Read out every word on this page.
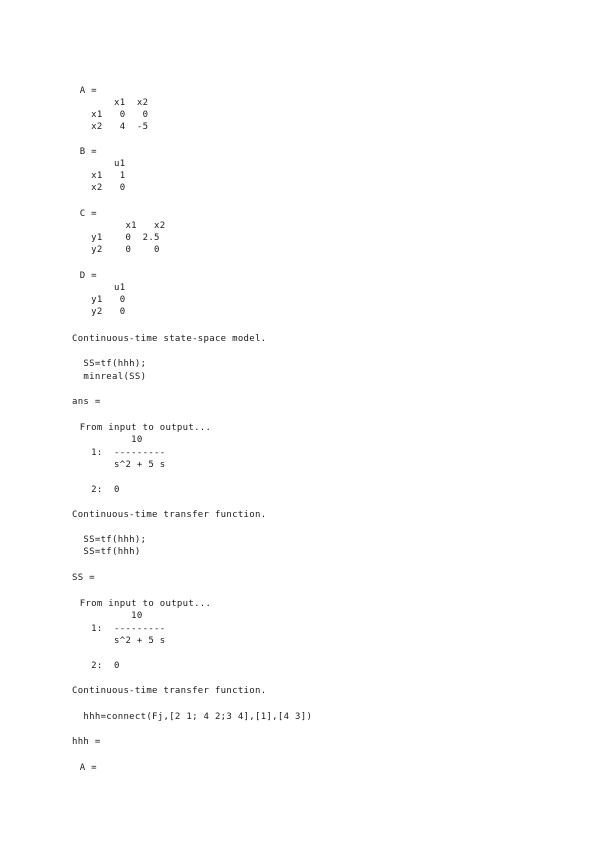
A =
x1  x2
x1   0   0
x2   4  -5
B =
u1
x1   1
x2   0
C =
x1   x2
y1    0  2.5
y2    0    0
D =
u1
y1   0
y2   0
Continuous-time state-space model.
SS=tf(hhh);
minreal(SS)
ans =
From input to output...
10
1:  ---------
s^2 + 5 s
2:  0
Continuous-time transfer function.
SS=tf(hhh);
SS=tf(hhh)
SS =
From input to output...
10
1:  ---------
s^2 + 5 s
2:  0
Continuous-time transfer function.
hhh=connect(Fj,[2 1; 4 2;3 4],[1],[4 3])
hhh =
A =
